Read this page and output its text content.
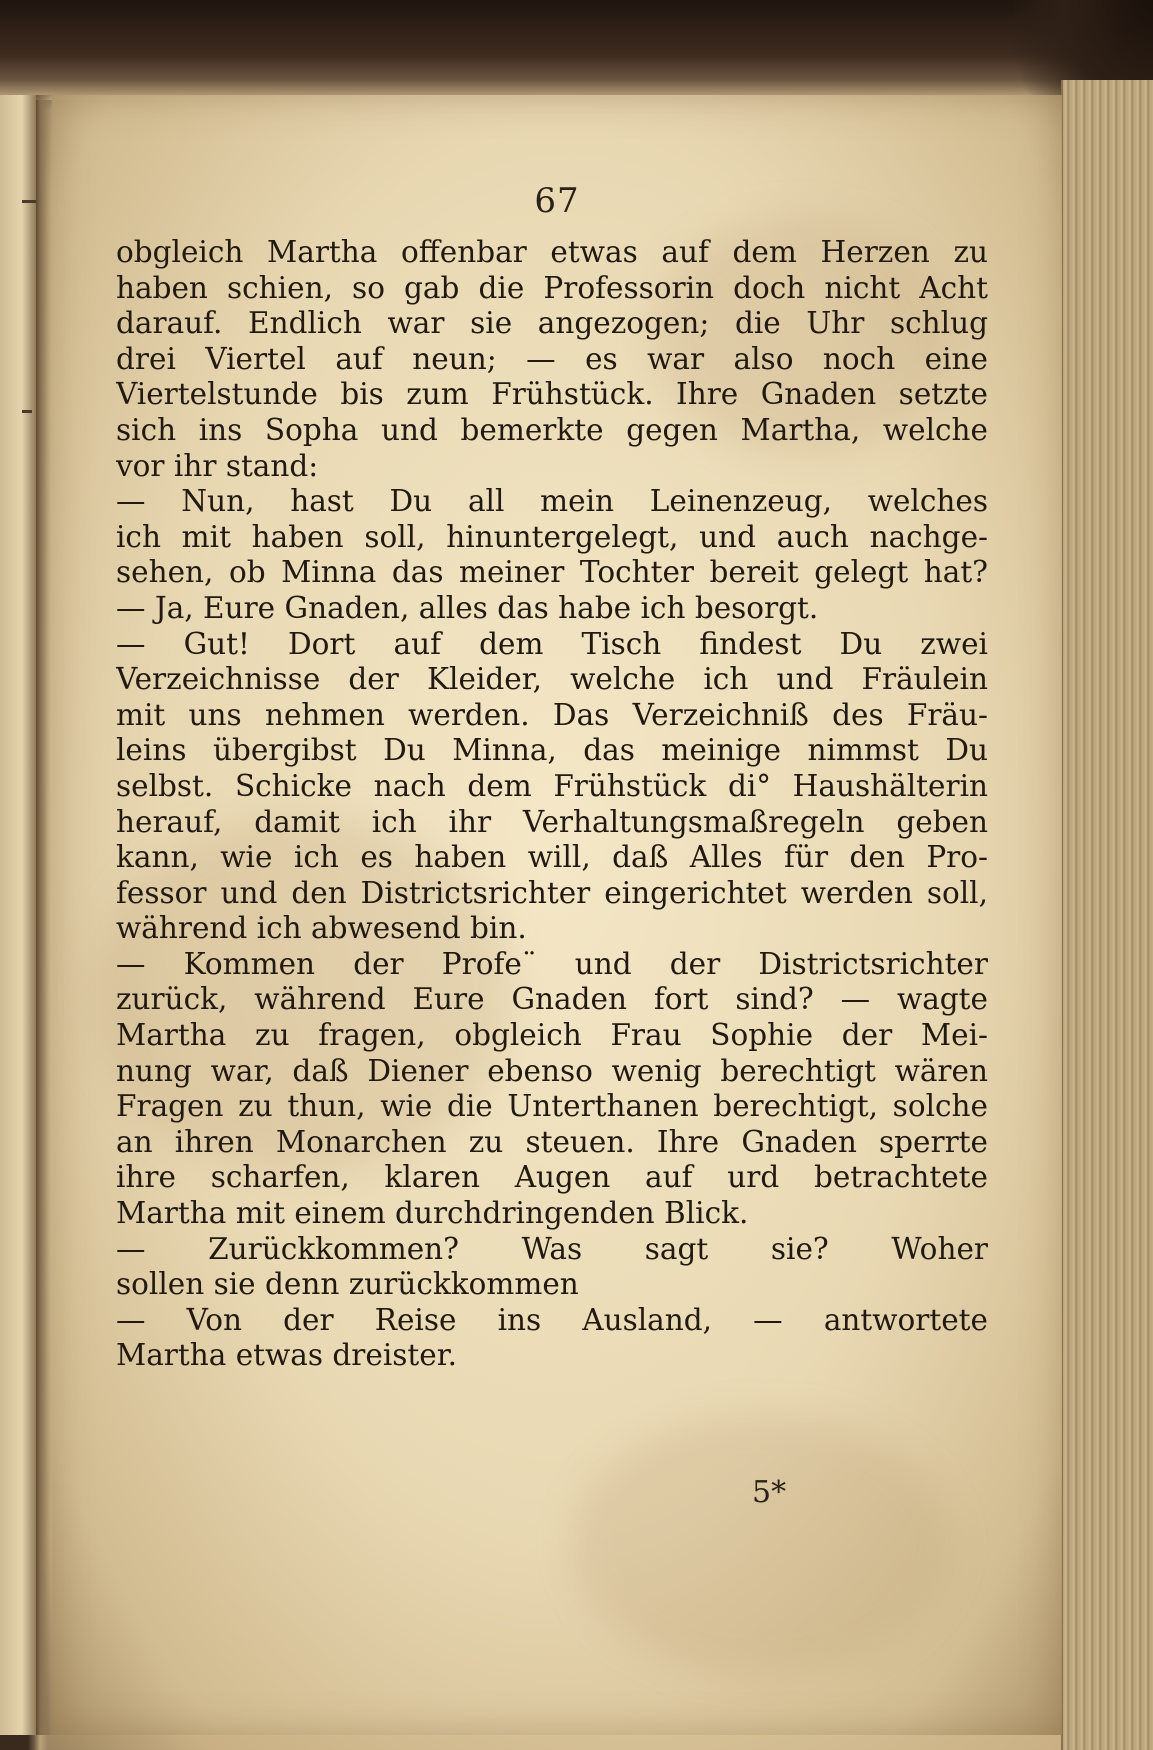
67
obgleich Martha offenbar etwas auf dem Herzen zu
haben schien, so gab die Professorin doch nicht Acht
darauf. Endlich war sie angezogen; die Uhr schlug
drei Viertel auf neun; — es war also noch eine
Viertelstunde bis zum Frühstück. Ihre Gnaden setzte
sich ins Sopha und bemerkte gegen Martha, welche
vor ihr stand:
— Nun, hast Du all mein Leinenzeug, welches
ich mit haben soll, hinuntergelegt, und auch nachge-
sehen, ob Minna das meiner Tochter bereit gelegt hat?
— Ja, Eure Gnaden, alles das habe ich besorgt.
— Gut! Dort auf dem Tisch findest Du zwei
Verzeichnisse der Kleider, welche ich und Fräulein
mit uns nehmen werden. Das Verzeichniß des Fräu-
leins übergibst Du Minna, das meinige nimmst Du
selbst. Schicke nach dem Frühstück di° Haushälterin
herauf, damit ich ihr Verhaltungsmaßregeln geben
kann, wie ich es haben will, daß Alles für den Pro-
fessor und den Districtsrichter eingerichtet werden soll,
während ich abwesend bin.
— Kommen der Profe¨ und der Districtsrichter
zurück, während Eure Gnaden fort sind? — wagte
Martha zu fragen, obgleich Frau Sophie der Mei-
nung war, daß Diener ebenso wenig berechtigt wären
Fragen zu thun, wie die Unterthanen berechtigt, solche
an ihren Monarchen zu steuen. Ihre Gnaden sperrte
ihre scharfen, klaren Augen auf urd betrachtete
Martha mit einem durchdringenden Blick.
— Zurückkommen? Was sagt sie? Woher
sollen sie denn zurückkommen
— Von der Reise ins Ausland, — antwortete
Martha etwas dreister.
5*
